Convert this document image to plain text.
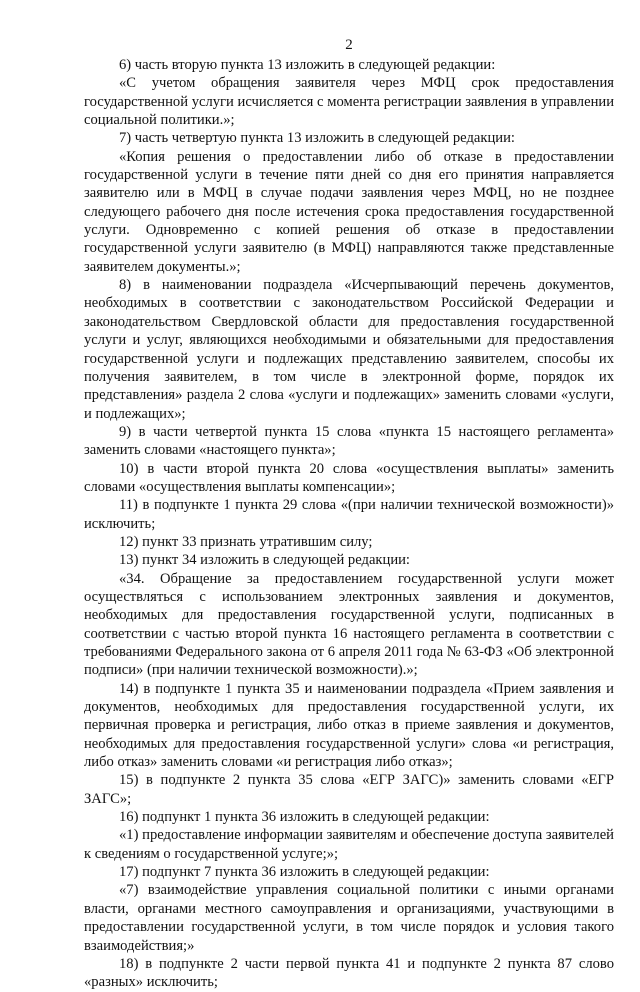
2

6) часть вторую пункта 13 изложить в следующей редакции:

«С учетом обращения заявителя через МФЦ срок предоставления государственной услуги исчисляется с момента регистрации заявления в управлении социальной политики.»;

7) часть четвертую пункта 13 изложить в следующей редакции:

«Копия решения о предоставлении либо об отказе в предоставлении государственной услуги в течение пяти дней со дня его принятия направляется заявителю или в МФЦ в случае подачи заявления через МФЦ, но не позднее следующего рабочего дня после истечения срока предоставления государственной услуги. Одновременно с копией решения об отказе в предоставлении государственной услуги заявителю (в МФЦ) направляются также представленные заявителем документы.»;

8) в наименовании подраздела «Исчерпывающий перечень документов, необходимых в соответствии с законодательством Российской Федерации и законодательством Свердловской области для предоставления государственной услуги и услуг, являющихся необходимыми и обязательными для предоставления государственной услуги и подлежащих представлению заявителем, способы их получения заявителем, в том числе в электронной форме, порядок их представления» раздела 2 слова «услуги и подлежащих» заменить словами «услуги, и подлежащих»;

9) в части четвертой пункта 15 слова «пункта 15 настоящего регламента» заменить словами «настоящего пункта»;

10) в части второй пункта 20 слова «осуществления выплаты» заменить словами «осуществления выплаты компенсации»;

11) в подпункте 1 пункта 29 слова «(при наличии технической возможности)» исключить;

12) пункт 33 признать утратившим силу;

13) пункт 34 изложить в следующей редакции:

«34. Обращение за предоставлением государственной услуги может осуществляться с использованием электронных заявления и документов, необходимых для предоставления государственной услуги, подписанных в соответствии с частью второй пункта 16 настоящего регламента в соответствии с требованиями Федерального закона от 6 апреля 2011 года № 63-ФЗ «Об электронной подписи» (при наличии технической возможности).»;

14) в подпункте 1 пункта 35 и наименовании подраздела «Прием заявления и документов, необходимых для предоставления государственной услуги, их первичная проверка и регистрация, либо отказ в приеме заявления и документов, необходимых для предоставления государственной услуги» слова «и регистрация, либо отказ» заменить словами «и регистрация либо отказ»;

15) в подпункте 2 пункта 35 слова «ЕГР ЗАГС)» заменить словами «ЕГР ЗАГС»;

16) подпункт 1 пункта 36 изложить в следующей редакции:

«1) предоставление информации заявителям и обеспечение доступа заявителей к сведениям о государственной услуге;»;

17) подпункт 7 пункта 36 изложить в следующей редакции:

«7) взаимодействие управления социальной политики с иными органами власти, органами местного самоуправления и организациями, участвующими в предоставлении государственной услуги, в том числе порядок и условия такого взаимодействия;»

18) в подпункте 2 части первой пункта 41 и подпункте 2 пункта 87 слово «разных» исключить;
